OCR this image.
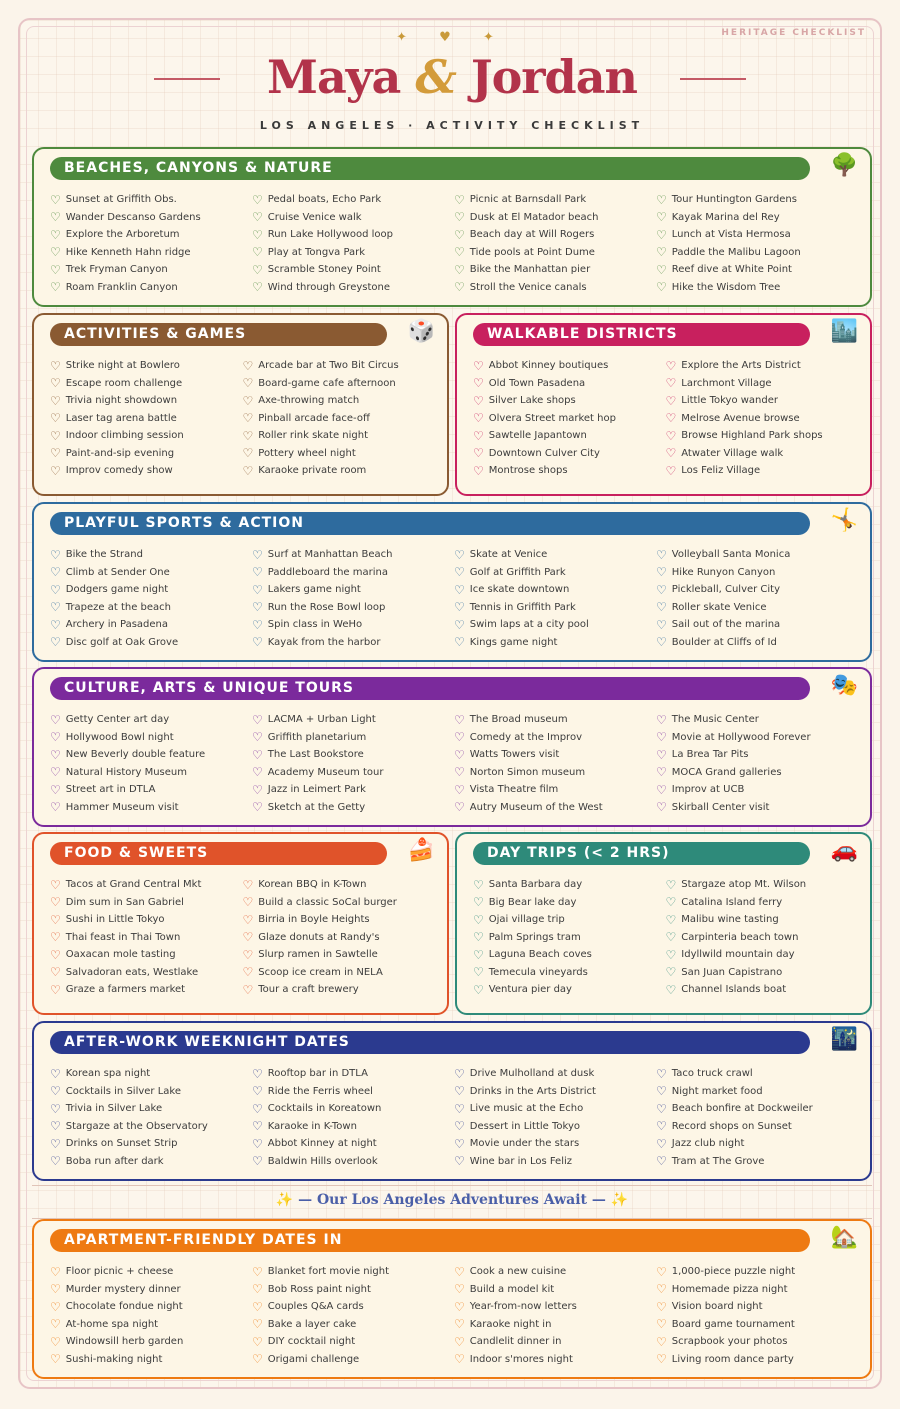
HERITAGE CHECKLIST
✦ ♥ ✦
Maya & Jordan
LOS ANGELES · ACTIVITY CHECKLIST
BEACHES, CANYONS & NATURE	🌳
♡ Sunset at Griffith Obs.
♡ Wander Descanso Gardens
♡ Explore the Arboretum
♡ Hike Kenneth Hahn ridge
♡ Trek Fryman Canyon
♡ Roam Franklin Canyon
♡ Pedal boats, Echo Park
♡ Cruise Venice walk
♡ Run Lake Hollywood loop
♡ Play at Tongva Park
♡ Scramble Stoney Point
♡ Wind through Greystone
♡ Picnic at Barnsdall Park
♡ Dusk at El Matador beach
♡ Beach day at Will Rogers
♡ Tide pools at Point Dume
♡ Bike the Manhattan pier
♡ Stroll the Venice canals
♡ Tour Huntington Gardens
♡ Kayak Marina del Rey
♡ Lunch at Vista Hermosa
♡ Paddle the Malibu Lagoon
♡ Reef dive at White Point
♡ Hike the Wisdom Tree
ACTIVITIES & GAMES	🎲
♡ Strike night at Bowlero
♡ Escape room challenge
♡ Trivia night showdown
♡ Laser tag arena battle
♡ Indoor climbing session
♡ Paint-and-sip evening
♡ Improv comedy show
♡ Arcade bar at Two Bit Circus
♡ Board-game cafe afternoon
♡ Axe-throwing match
♡ Pinball arcade face-off
♡ Roller rink skate night
♡ Pottery wheel night
♡ Karaoke private room
WALKABLE DISTRICTS	🏙️
♡ Abbot Kinney boutiques
♡ Old Town Pasadena
♡ Silver Lake shops
♡ Olvera Street market hop
♡ Sawtelle Japantown
♡ Downtown Culver City
♡ Montrose shops
♡ Explore the Arts District
♡ Larchmont Village
♡ Little Tokyo wander
♡ Melrose Avenue browse
♡ Browse Highland Park shops
♡ Atwater Village walk
♡ Los Feliz Village
PLAYFUL SPORTS & ACTION	🤸
♡ Bike the Strand
♡ Climb at Sender One
♡ Dodgers game night
♡ Trapeze at the beach
♡ Archery in Pasadena
♡ Disc golf at Oak Grove
♡ Surf at Manhattan Beach
♡ Paddleboard the marina
♡ Lakers game night
♡ Run the Rose Bowl loop
♡ Spin class in WeHo
♡ Kayak from the harbor
♡ Skate at Venice
♡ Golf at Griffith Park
♡ Ice skate downtown
♡ Tennis in Griffith Park
♡ Swim laps at a city pool
♡ Kings game night
♡ Volleyball Santa Monica
♡ Hike Runyon Canyon
♡ Pickleball, Culver City
♡ Roller skate Venice
♡ Sail out of the marina
♡ Boulder at Cliffs of Id
CULTURE, ARTS & UNIQUE TOURS	🎭
♡ Getty Center art day
♡ Hollywood Bowl night
♡ New Beverly double feature
♡ Natural History Museum
♡ Street art in DTLA
♡ Hammer Museum visit
♡ LACMA + Urban Light
♡ Griffith planetarium
♡ The Last Bookstore
♡ Academy Museum tour
♡ Jazz in Leimert Park
♡ Sketch at the Getty
♡ The Broad museum
♡ Comedy at the Improv
♡ Watts Towers visit
♡ Norton Simon museum
♡ Vista Theatre film
♡ Autry Museum of the West
♡ The Music Center
♡ Movie at Hollywood Forever
♡ La Brea Tar Pits
♡ MOCA Grand galleries
♡ Improv at UCB
♡ Skirball Center visit
FOOD & SWEETS	🍰
♡ Tacos at Grand Central Mkt
♡ Dim sum in San Gabriel
♡ Sushi in Little Tokyo
♡ Thai feast in Thai Town
♡ Oaxacan mole tasting
♡ Salvadoran eats, Westlake
♡ Graze a farmers market
♡ Korean BBQ in K-Town
♡ Build a classic SoCal burger
♡ Birria in Boyle Heights
♡ Glaze donuts at Randy's
♡ Slurp ramen in Sawtelle
♡ Scoop ice cream in NELA
♡ Tour a craft brewery
DAY TRIPS (< 2 HRS)	🚗
♡ Santa Barbara day
♡ Big Bear lake day
♡ Ojai village trip
♡ Palm Springs tram
♡ Laguna Beach coves
♡ Temecula vineyards
♡ Ventura pier day
♡ Stargaze atop Mt. Wilson
♡ Catalina Island ferry
♡ Malibu wine tasting
♡ Carpinteria beach town
♡ Idyllwild mountain day
♡ San Juan Capistrano
♡ Channel Islands boat
AFTER-WORK WEEKNIGHT DATES	🌃
♡ Korean spa night
♡ Cocktails in Silver Lake
♡ Trivia in Silver Lake
♡ Stargaze at the Observatory
♡ Drinks on Sunset Strip
♡ Boba run after dark
♡ Rooftop bar in DTLA
♡ Ride the Ferris wheel
♡ Cocktails in Koreatown
♡ Karaoke in K-Town
♡ Abbot Kinney at night
♡ Baldwin Hills overlook
♡ Drive Mulholland at dusk
♡ Drinks in the Arts District
♡ Live music at the Echo
♡ Dessert in Little Tokyo
♡ Movie under the stars
♡ Wine bar in Los Feliz
♡ Taco truck crawl
♡ Night market food
♡ Beach bonfire at Dockweiler
♡ Record shops on Sunset
♡ Jazz club night
♡ Tram at The Grove
✨ — Our Los Angeles Adventures Await — ✨
APARTMENT-FRIENDLY DATES IN	🏡
♡ Floor picnic + cheese
♡ Murder mystery dinner
♡ Chocolate fondue night
♡ At-home spa night
♡ Windowsill herb garden
♡ Sushi-making night
♡ Blanket fort movie night
♡ Bob Ross paint night
♡ Couples Q&A cards
♡ Bake a layer cake
♡ DIY cocktail night
♡ Origami challenge
♡ Cook a new cuisine
♡ Build a model kit
♡ Year-from-now letters
♡ Karaoke night in
♡ Candlelit dinner in
♡ Indoor s'mores night
♡ 1,000-piece puzzle night
♡ Homemade pizza night
♡ Vision board night
♡ Board game tournament
♡ Scrapbook your photos
♡ Living room dance party
